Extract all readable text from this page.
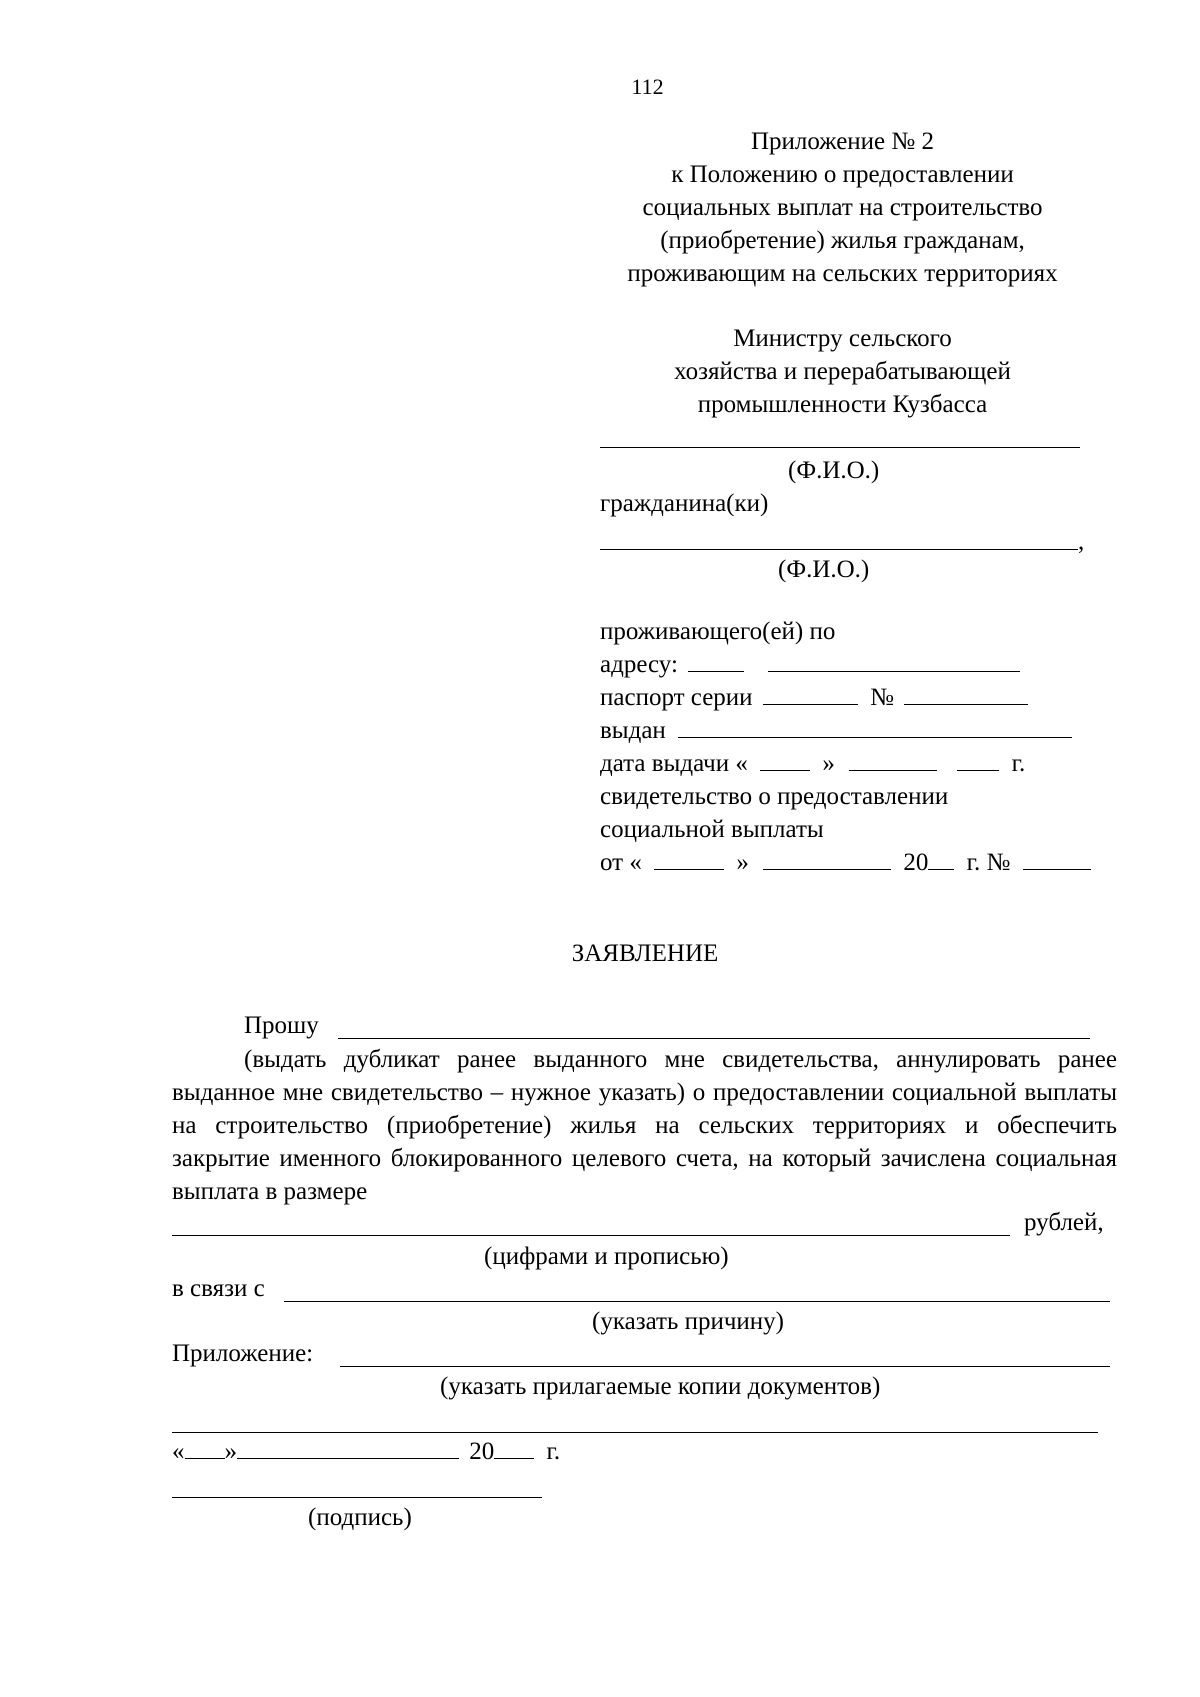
112
Приложение № 2
к Положению о предоставлении
социальных выплат на строительство
(приобретение) жилья гражданам,
проживающим на сельских территориях
Министру сельского
хозяйства и перерабатывающей
промышленности Кузбасса
(Ф.И.О.)
гражданина(ки)
,
(Ф.И.О.)
проживающего(ей) по
адресу:
паспорт серии	№
выдан
дата выдачи «	»	г.
свидетельство о предоставлении
социальной выплаты
от «	»	20 г. №
ЗАЯВЛЕНИЕ
Прошу
(выдать дубликат ранее выданного мне свидетельства, аннулировать ранее выданное мне свидетельство – нужное указать) о предоставлении социальной выплаты на строительство (приобретение) жилья на сельских территориях и обеспечить закрытие именного блокированного целевого счета, на который зачислена социальная выплата в размере
рублей,
(цифрами и прописью)
в связи с
(указать причину)
Приложение:
(указать прилагаемые копии документов)
« »	20 г.
(подпись)
